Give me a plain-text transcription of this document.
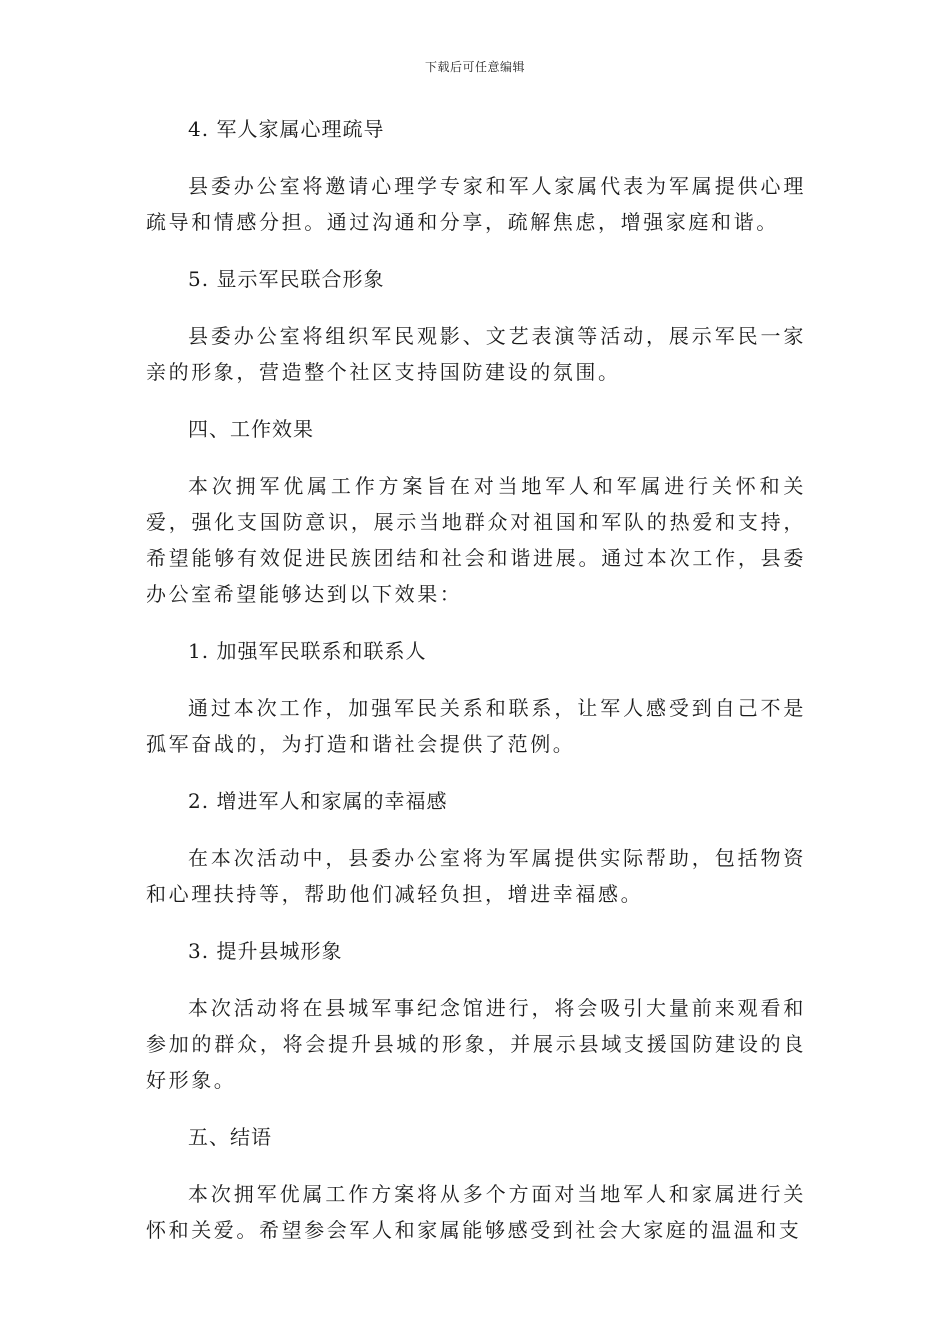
下载后可任意编辑
4. 军人家属心理疏导
县委办公室将邀请心理学专家和军人家属代表为军属提供心理疏导和情感分担。通过沟通和分享，疏解焦虑，增强家庭和谐。
5. 显示军民联合形象
县委办公室将组织军民观影、文艺表演等活动，展示军民一家亲的形象，营造整个社区支持国防建设的氛围。
四、工作效果
本次拥军优属工作方案旨在对当地军人和军属进行关怀和关爱，强化支国防意识，展示当地群众对祖国和军队的热爱和支持，希望能够有效促进民族团结和社会和谐进展。通过本次工作，县委办公室希望能够达到以下效果：
1. 加强军民联系和联系人
通过本次工作，加强军民关系和联系，让军人感受到自己不是孤军奋战的，为打造和谐社会提供了范例。
2. 增进军人和家属的幸福感
在本次活动中，县委办公室将为军属提供实际帮助，包括物资和心理扶持等，帮助他们减轻负担，增进幸福感。
3. 提升县城形象
本次活动将在县城军事纪念馆进行，将会吸引大量前来观看和参加的群众，将会提升县城的形象，并展示县域支援国防建设的良好形象。
五、结语
本次拥军优属工作方案将从多个方面对当地军人和家属进行关怀和关爱。希望参会军人和家属能够感受到社会大家庭的温温和支
